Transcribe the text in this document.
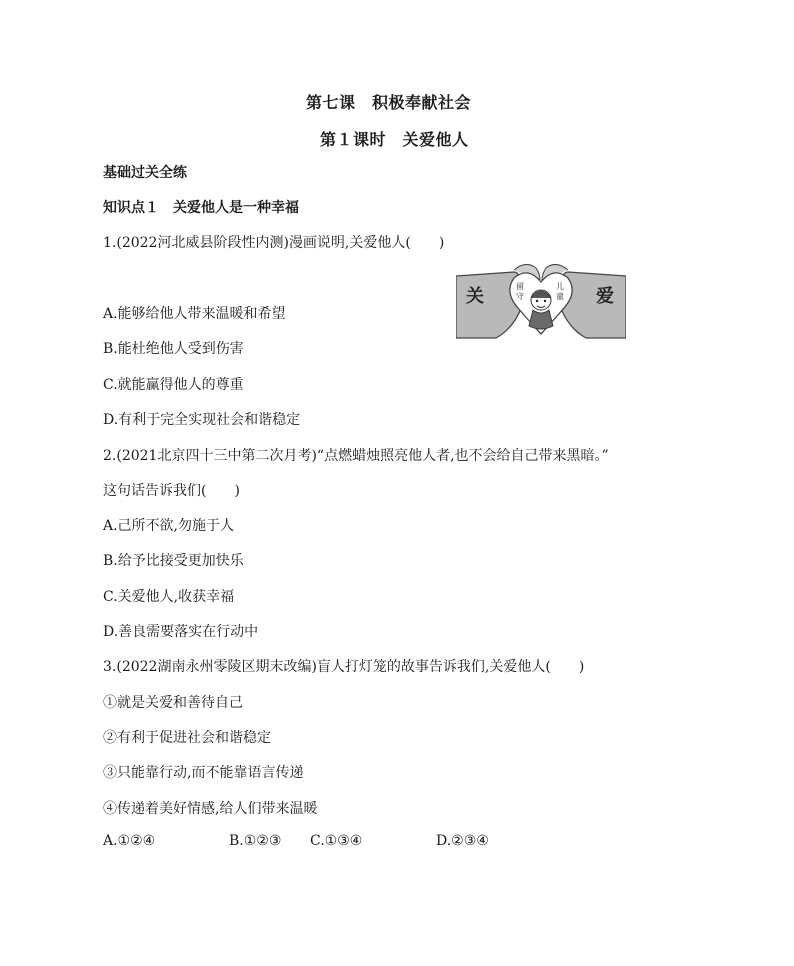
第七课　积极奉献社会
第１课时　关爱他人
基础过关全练
知识点１　关爱他人是一种幸福
1.(2022河北威县阶段性内测)漫画说明,关爱他人(　　)
关	爱
留守
儿童
A.能够给他人带来温暖和希望
B.能杜绝他人受到伤害
C.就能赢得他人的尊重
D.有利于完全实现社会和谐稳定
2.(2021北京四十三中第二次月考)“点燃蜡烛照亮他人者,也不会给自己带来黑暗。”
这句话告诉我们(　　)
A.己所不欲,勿施于人
B.给予比接受更加快乐
C.关爱他人,收获幸福
D.善良需要落实在行动中
3.(2022湖南永州零陵区期末改编)盲人打灯笼的故事告诉我们,关爱他人(　　)
①就是关爱和善待自己
②有利于促进社会和谐稳定
③只能靠行动,而不能靠语言传递
④传递着美好情感,给人们带来温暖
A.①②④	B.①②③ C.①③④	D.②③④
